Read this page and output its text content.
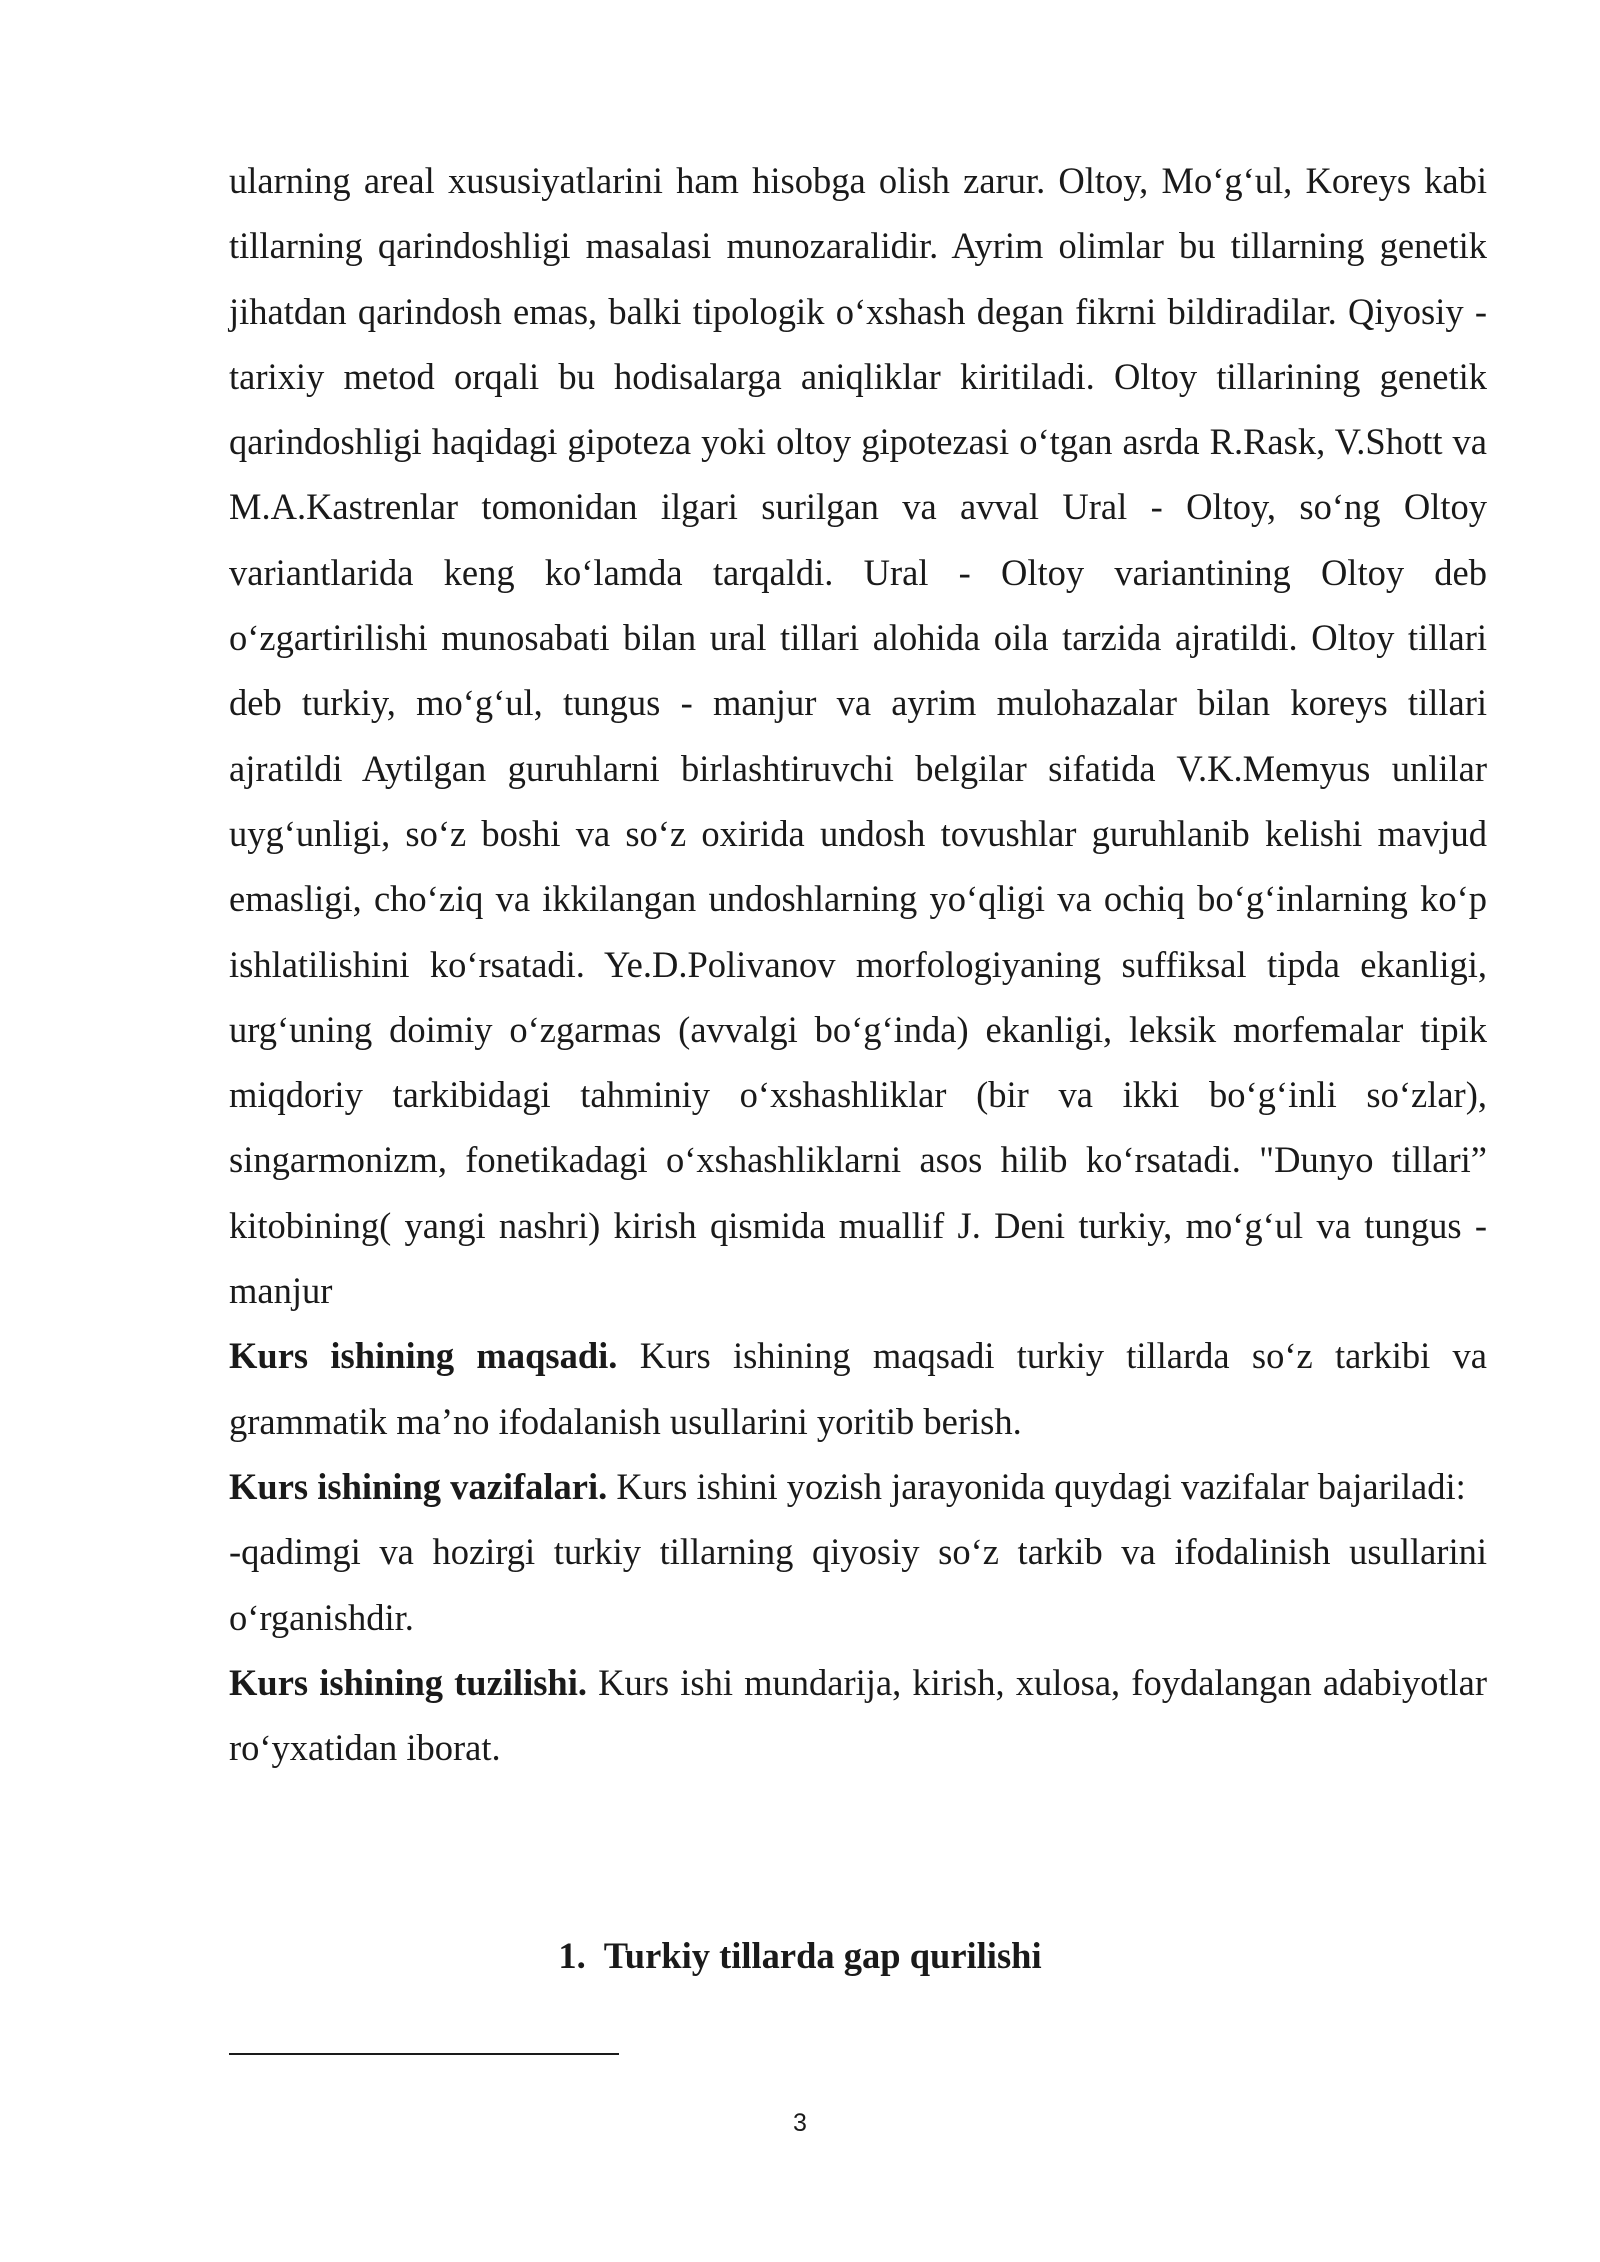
ularning areal xususiyatlarini ham hisobga olish zarur. Oltoy, Mo‘g‘ul, Koreys kabi tillarning qarindoshligi masalasi munozaralidir. Ayrim olimlar bu tillarning genetik jihatdan qarindosh emas, balki tipologik o‘xshash degan fikrni bildiradilar. Qiyosiy - tarixiy metod orqali bu hodisalarga aniqliklar kiritiladi. Oltoy tillarining genetik qarindoshligi haqidagi gipoteza yoki oltoy gipotezasi o‘tgan asrda R.Rask, V.Shott va M.A.Kastrenlar tomonidan ilgari surilgan va avval Ural - Oltoy, so‘ng Oltoy variantlarida keng ko‘lamda tarqaldi. Ural - Oltoy variantining Oltoy deb o‘zgartirilishi munosabati bilan ural tillari alohida oila tarzida ajratildi. Oltoy tillari deb turkiy, mo‘g‘ul, tungus - manjur va ayrim mulohazalar bilan koreys tillari ajratildi Aytilgan guruhlarni birlashtiruvchi belgilar sifatida V.K.Memyus unlilar uyg‘unligi, so‘z boshi va so‘z oxirida undosh tovushlar guruhlanib kelishi mavjud emasligi, cho‘ziq va ikkilangan undoshlarning yo‘qligi va ochiq bo‘g‘inlarning ko‘p ishlatilishini ko‘rsatadi. Ye.D.Polivanov morfologiyaning suffiksal tipda ekanligi, urg‘uning doimiy o‘zgarmas (avvalgi bo‘g‘inda) ekanligi, leksik morfemalar tipik miqdoriy tarkibidagi tahminiy o‘xshashliklar (bir va ikki bo‘g‘inli so‘zlar), singarmonizm, fonetikadagi o‘xshashliklarni asos hilib ko‘rsatadi. "Dunyo tillari” kitobining( yangi nashri) kirish qismida muallif J. Deni turkiy, mo‘g‘ul va tungus - manjur

Kurs ishining maqsadi. Kurs ishining maqsadi turkiy tillarda so‘z tarkibi va grammatik ma’no ifodalanish usullarini yoritib berish.

Kurs ishining vazifalari. Kurs ishini yozish jarayonida quydagi vazifalar bajariladi:

-qadimgi va hozirgi turkiy tillarning qiyosiy so‘z tarkib va ifodalinish usullarini o‘rganishdir.

Kurs ishining tuzilishi. Kurs ishi mundarija, kirish, xulosa, foydalangan adabiyotlar ro‘yxatidan iborat.

1. Turkiy tillarda gap qurilishi
3
